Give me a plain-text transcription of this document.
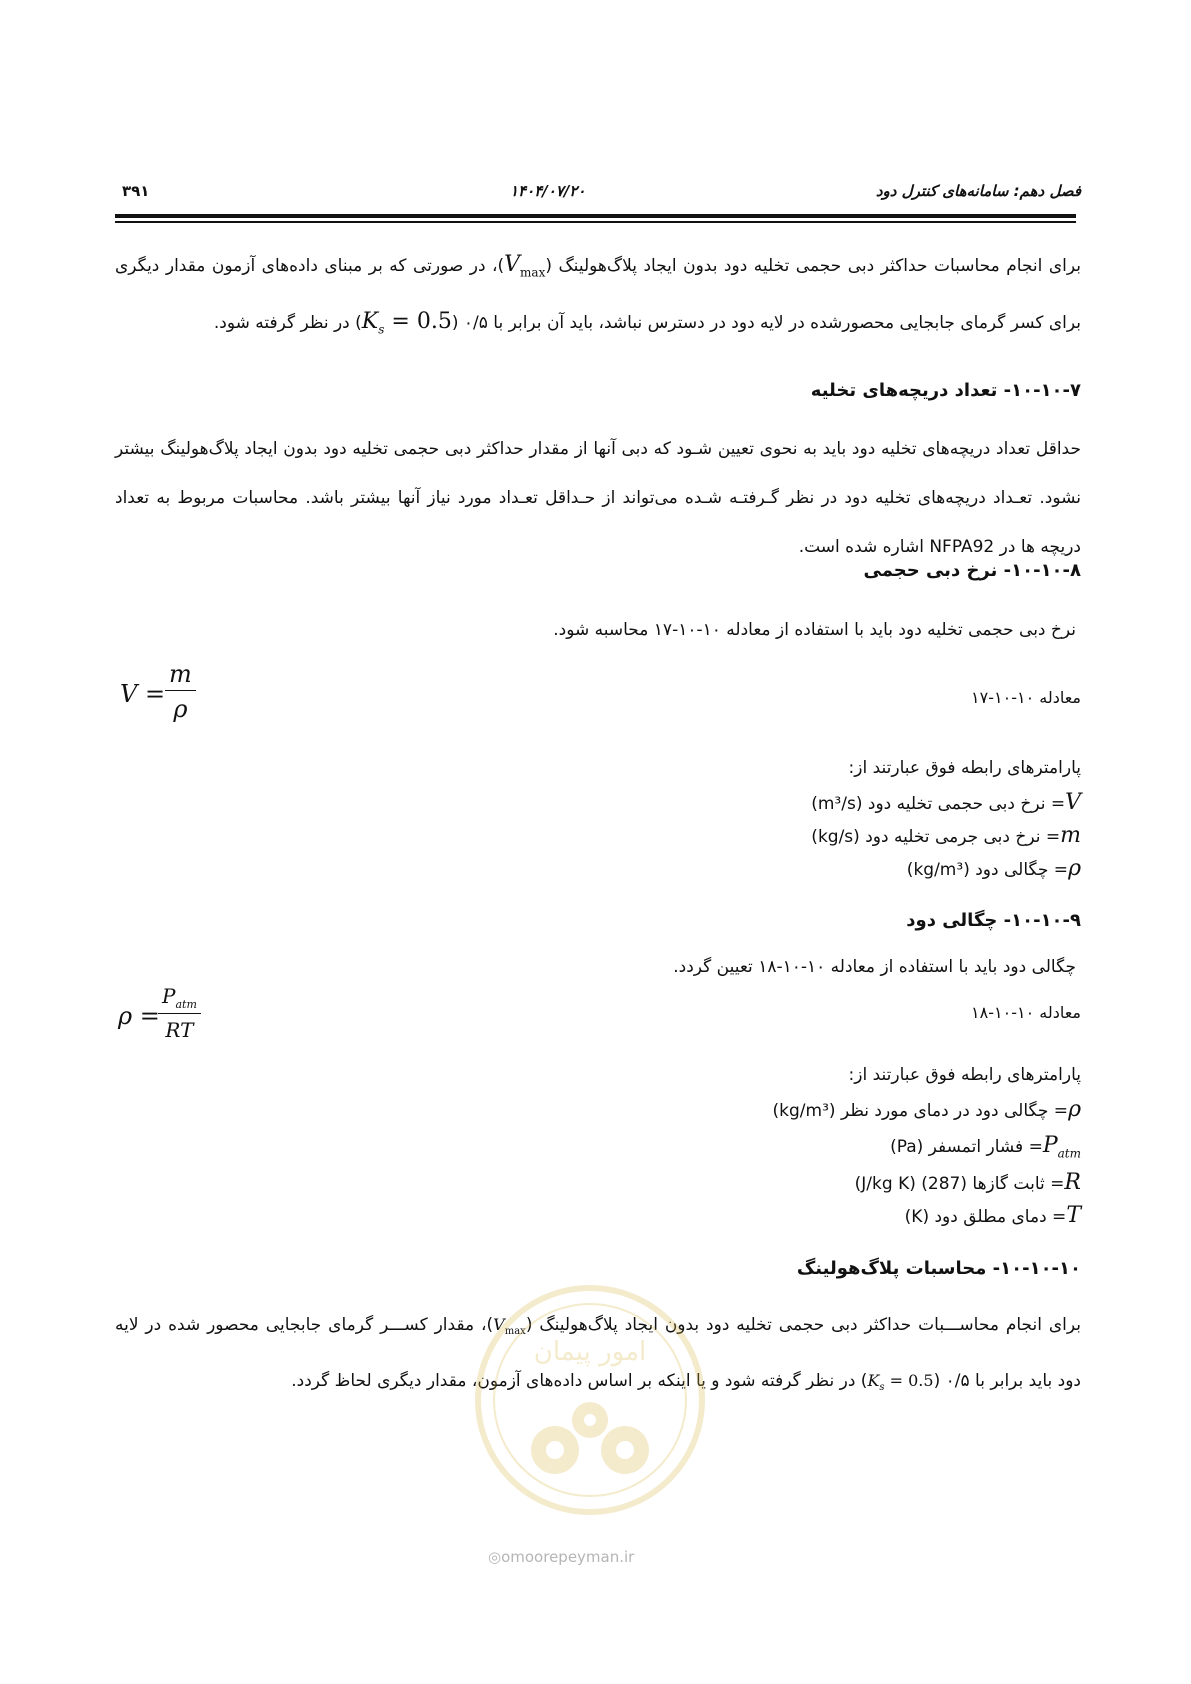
۳۹۱	۱۴۰۴/۰۷/۲۰	فصل دهم: سامانه‌های کنترل دود
برای انجام محاسبات حداکثر دبی حجمی تخلیه دود بدون ایجاد پلاگ‌هولینگ $(V_{max})،$ در صورتی که بر مبنای داده‌های آزمون مقدار دیگری برای کسر گرمای جابجایی محصورشده در لایه دود در دسترس نباشد، باید آن برابر با ۰/۵ $(K_s = 0.5)$ در نظر گرفته شود.
۱۰-۱۰-۷- تعداد دریچه‌های تخلیه
حداقل تعداد دریچه‌های تخلیه دود باید به نحوی تعیین شـود که دبی آنها از مقدار حداکثر دبی حجمی تخلیه دود بدون ایجاد پلاگ‌هولینگ بیشتر نشود. تعـداد دریچه‌های تخلیه دود در نظر گـرفتـه شـده می‌تواند از حـداقل تعـداد مورد نیاز آنها بیشتر باشد. محاسبات مربوط به تعداد دریچه ها در NFPA92 اشاره شده است.
۱۰-۱۰-۸- نرخ دبی حجمی
نرخ دبی حجمی تخلیه دود باید با استفاده از معادله ۱۰-۱۰-۱۷ محاسبه شود.
$V = \frac{m}{\rho}$	معادله ۱۰-۱۰-۱۷
پارامترهای رابطه فوق عبارتند از:
V= نرخ دبی حجمی تخلیه دود (m³/s)
m= نرخ دبی جرمی تخلیه دود (kg/s)
ρ= چگالی دود (kg/m³)
۱۰-۱۰-۹- چگالی دود
چگالی دود باید با استفاده از معادله ۱۰-۱۰-۱۸ تعیین گردد.
ρ =
$P_{atm}$
RT
معادله ۱۰-۱۰-۱۸
پارامترهای رابطه فوق عبارتند از:
ρ= چگالی دود در دمای مورد نظر (kg/m³)
$P_{atm}=$ فشار اتمسفر (Pa)
R= ثابت گازها (287) (J/kg K)
T= دمای مطلق دود (K)
۱۰-۱۰-۱۰- محاسبات پلاگ‌هولینگ
برای انجام محاســـبات حداکثر دبی حجمی تخلیه دود بدون ایجاد پلاگ‌هولینگ $(V_{max})،$ مقدار کســـر گرمای جابجایی محصور شده در لایه دود باید برابر با ۰/۵ $(K_s = 0.5)$ در نظر گرفته شود و یا اینکه بر اساس داده‌های آزمون، مقدار دیگری لحاظ گردد.
امور پیمان
◎omoorepeyman.ir
